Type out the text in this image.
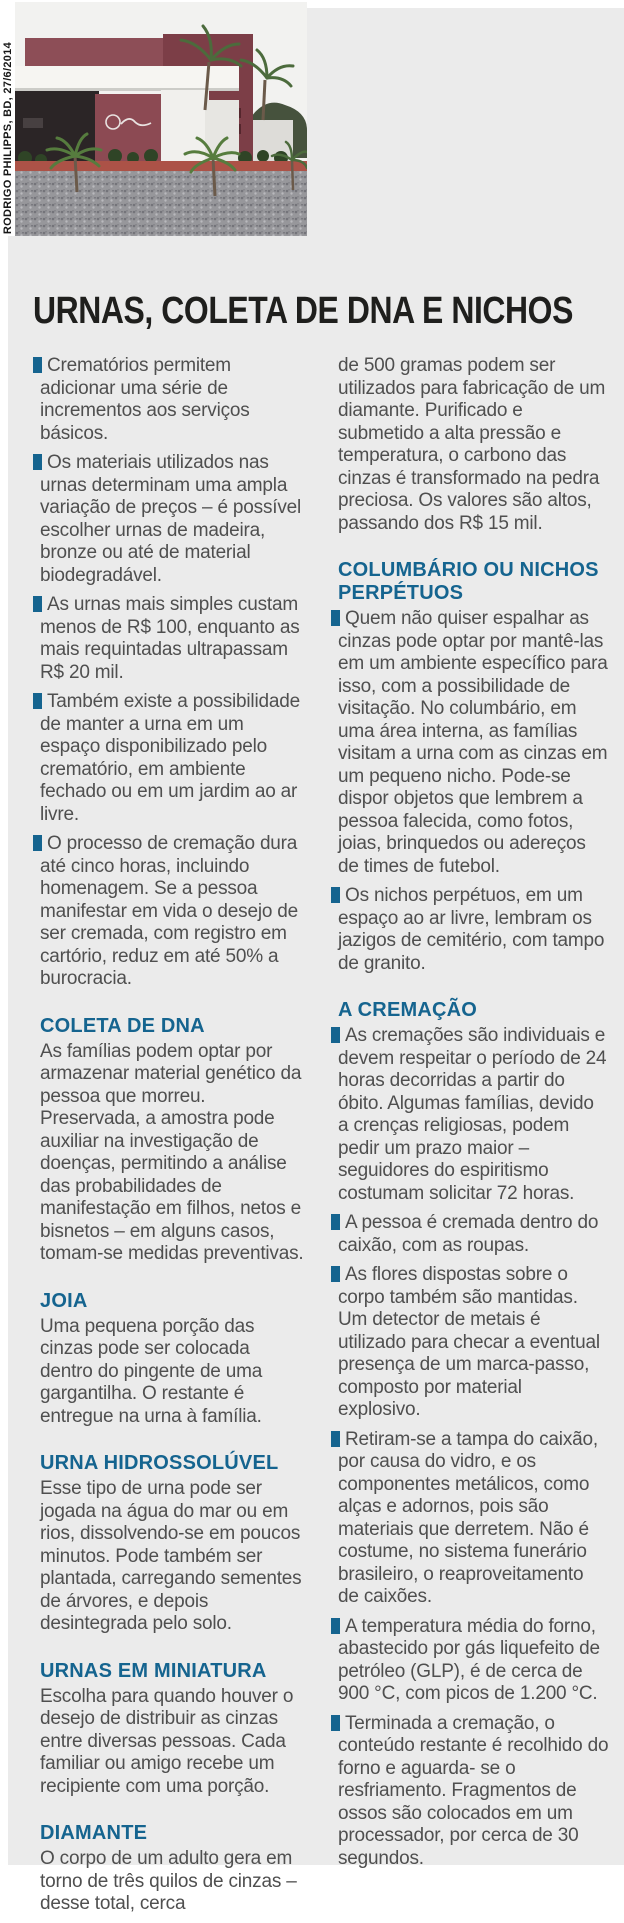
RODRIGO PHILIPPS, BD, 27/6/2014
URNAS, COLETA DE DNA E NICHOS

Crematórios permitem adicionar uma série de incrementos aos serviços básicos.

Os materiais utilizados nas urnas determinam uma ampla variação de preços – é possível escolher urnas de madeira, bronze ou até de material biodegradável.

As urnas mais simples custam menos de R$ 100, enquanto as mais requintadas ultrapassam R$ 20 mil.

Também existe a possibilidade de manter a urna em um espaço disponibilizado pelo crematório, em ambiente fechado ou em um jardim ao ar livre.

O processo de cremação dura até cinco horas, incluindo homenagem. Se a pessoa manifestar em vida o desejo de ser cremada, com registro em cartório, reduz em até 50% a burocracia.

COLETA DE DNA

As famílias podem optar por armazenar material genético da pessoa que morreu. Preservada, a amostra pode auxiliar na investigação de doenças, permitindo a análise das probabilidades de manifestação em filhos, netos e bisnetos – em alguns casos, tomam-se medidas preventivas.

JOIA

Uma pequena porção das cinzas pode ser colocada dentro do pingente de uma gargantilha. O restante é entregue na urna à família.

URNA HIDROSSOLÚVEL

Esse tipo de urna pode ser jogada na água do mar ou em rios, dissolvendo-se em poucos minutos. Pode também ser plantada, carregando sementes de árvores, e depois desintegrada pelo solo.

URNAS EM MINIATURA

Escolha para quando houver o desejo de distribuir as cinzas entre diversas pessoas. Cada familiar ou amigo recebe um recipiente com uma porção.

DIAMANTE

O corpo de um adulto gera em torno de três quilos de cinzas – desse total, cerca

de 500 gramas podem ser utilizados para fabricação de um diamante. Purificado e submetido a alta pressão e temperatura, o carbono das cinzas é transformado na pedra preciosa. Os valores são altos, passando dos R$ 15 mil.

COLUMBÁRIO OU NICHOS PERPÉTUOS

Quem não quiser espalhar as cinzas pode optar por mantê-las em um ambiente específico para isso, com a possibilidade de visitação. No columbário, em uma área interna, as famílias visitam a urna com as cinzas em um pequeno nicho. Pode-se dispor objetos que lembrem a pessoa falecida, como fotos, joias, brinquedos ou adereços de times de futebol.

Os nichos perpétuos, em um espaço ao ar livre, lembram os jazigos de cemitério, com tampo de granito.

A CREMAÇÃO

As cremações são individuais e devem respeitar o período de 24 horas decorridas a partir do óbito. Algumas famílias, devido a crenças religiosas, podem pedir um prazo maior – seguidores do espiritismo costumam solicitar 72 horas.

A pessoa é cremada dentro do caixão, com as roupas.

As flores dispostas sobre o corpo também são mantidas. Um detector de metais é utilizado para checar a eventual presença de um marca-passo, composto por material explosivo.

Retiram-se a tampa do caixão, por causa do vidro, e os componentes metálicos, como alças e adornos, pois são materiais que derretem. Não é costume, no sistema funerário brasileiro, o reaproveitamento de caixões.

A temperatura média do forno, abastecido por gás liquefeito de petróleo (GLP), é de cerca de 900 °C, com picos de 1.200 °C.

Terminada a cremação, o conteúdo restante é recolhido do forno e aguarda- se o resfriamento. Fragmentos de ossos são colocados em um processador, por cerca de 30 segundos.
